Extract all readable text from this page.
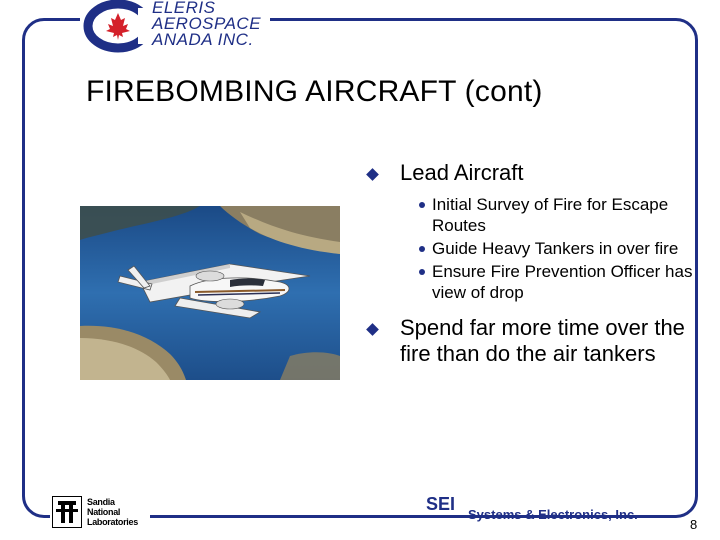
ELERIS
AEROSPACE
ANADA INC.
FIREBOMBING AIRCRAFT (cont)
Lead Aircraft
Initial Survey of Fire for Escape Routes
Guide Heavy Tankers in over fire
Ensure Fire Prevention Officer has view of drop
Spend far more time over the fire than do the air tankers
Sandia
National
Laboratories
SEI
Systems & Electronics, Inc.
8
